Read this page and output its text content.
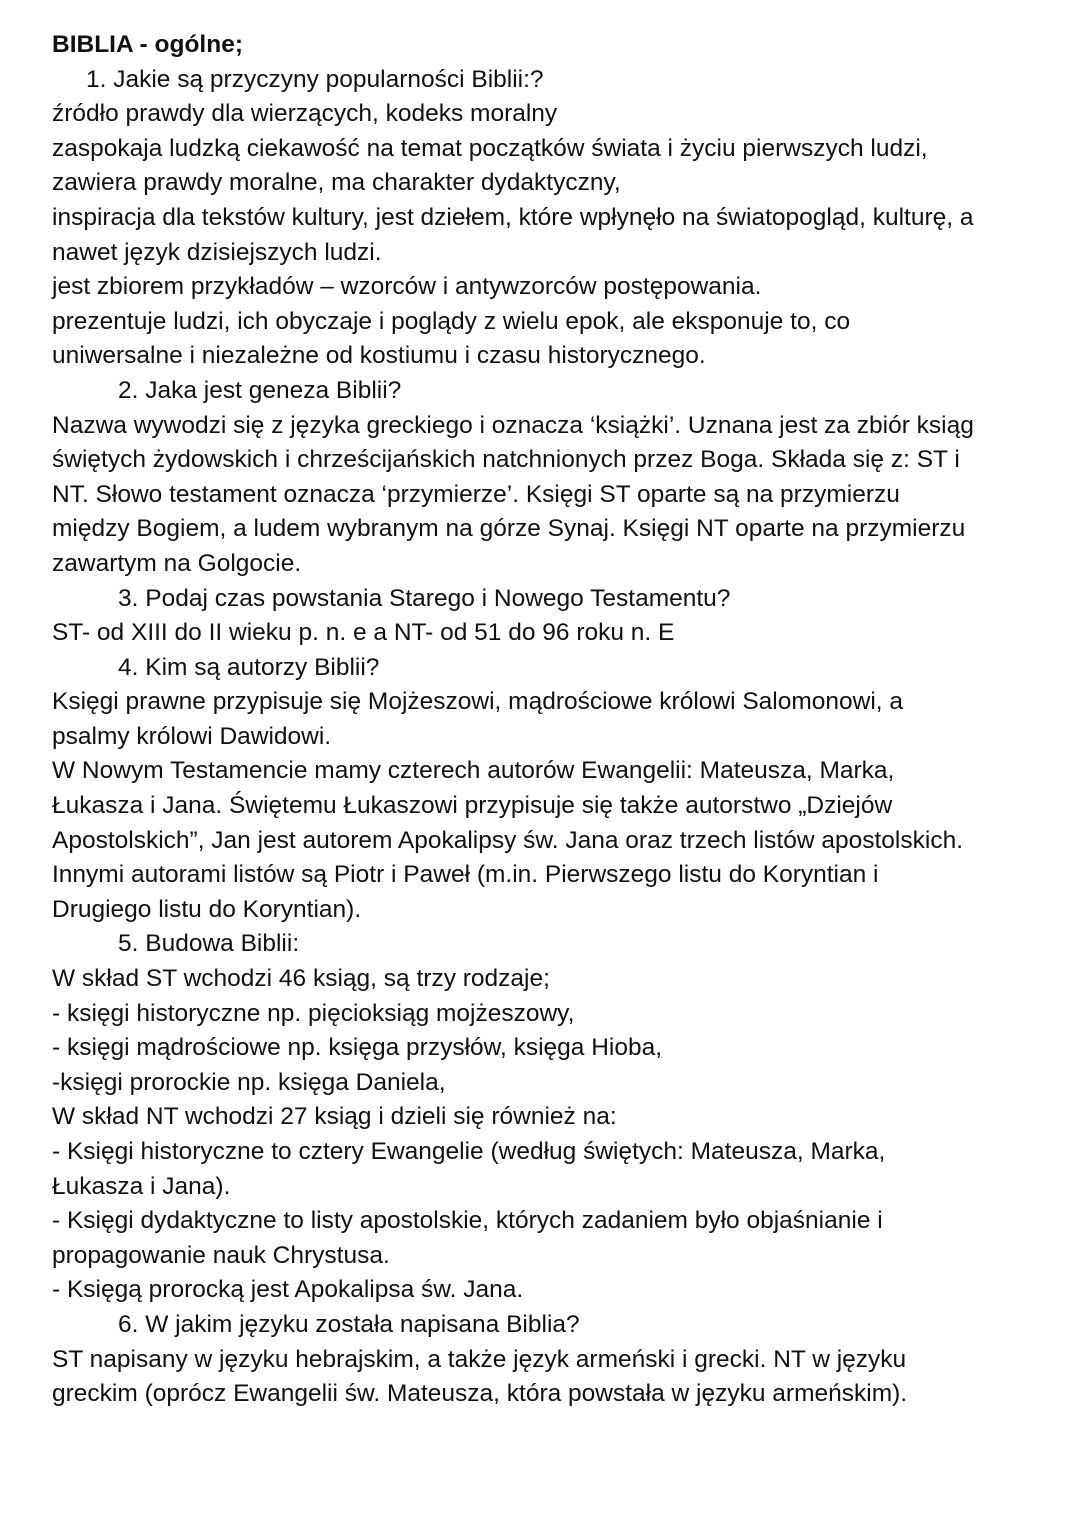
BIBLIA - ogólne;
1. Jakie są przyczyny popularności Biblii:?
źródło prawdy dla wierzących, kodeks moralny
zaspokaja ludzką ciekawość na temat początków świata i życiu pierwszych ludzi,
zawiera prawdy moralne, ma charakter dydaktyczny,
inspiracja dla tekstów kultury, jest dziełem, które wpłynęło na światopogląd, kulturę, a
nawet język dzisiejszych ludzi.
jest zbiorem przykładów – wzorców i antywzorców postępowania.
prezentuje ludzi, ich obyczaje i poglądy z wielu epok, ale eksponuje to, co
uniwersalne i niezależne od kostiumu i czasu historycznego.
2. Jaka jest geneza Biblii?
Nazwa wywodzi się z języka greckiego i oznacza ‘książki’. Uznana jest za zbiór ksiąg
świętych żydowskich i chrześcijańskich natchnionych przez Boga. Składa się z: ST i
NT. Słowo testament oznacza ‘przymierze’. Księgi ST oparte są na przymierzu
między Bogiem, a ludem wybranym na górze Synaj. Księgi NT oparte na przymierzu
zawartym na Golgocie.
3. Podaj czas powstania Starego i Nowego Testamentu?
ST- od XIII do II wieku p. n. e a NT- od 51 do 96 roku n. E
4. Kim są autorzy Biblii?
Księgi prawne przypisuje się Mojżeszowi, mądrościowe królowi Salomonowi, a
psalmy królowi Dawidowi.
W Nowym Testamencie mamy czterech autorów Ewangelii: Mateusza, Marka,
Łukasza i Jana. Świętemu Łukaszowi przypisuje się także autorstwo „Dziejów
Apostolskich”, Jan jest autorem Apokalipsy św. Jana oraz trzech listów apostolskich.
Innymi autorami listów są Piotr i Paweł (m.in. Pierwszego listu do Koryntian i
Drugiego listu do Koryntian).
5. Budowa Biblii:
W skład ST wchodzi 46 ksiąg, są trzy rodzaje;
- księgi historyczne np. pięcioksiąg mojżeszowy,
- księgi mądrościowe np. księga przysłów, księga Hioba,
-księgi prorockie np. księga Daniela,
W skład NT wchodzi 27 ksiąg i dzieli się również na:
- Księgi historyczne to cztery Ewangelie (według świętych: Mateusza, Marka,
Łukasza i Jana).
- Księgi dydaktyczne to listy apostolskie, których zadaniem było objaśnianie i
propagowanie nauk Chrystusa.
- Księgą prorocką jest Apokalipsa św. Jana.
6. W jakim języku została napisana Biblia?
ST napisany w języku hebrajskim, a także język armeński i grecki. NT w języku
greckim (oprócz Ewangelii św. Mateusza, która powstała w języku armeńskim).
